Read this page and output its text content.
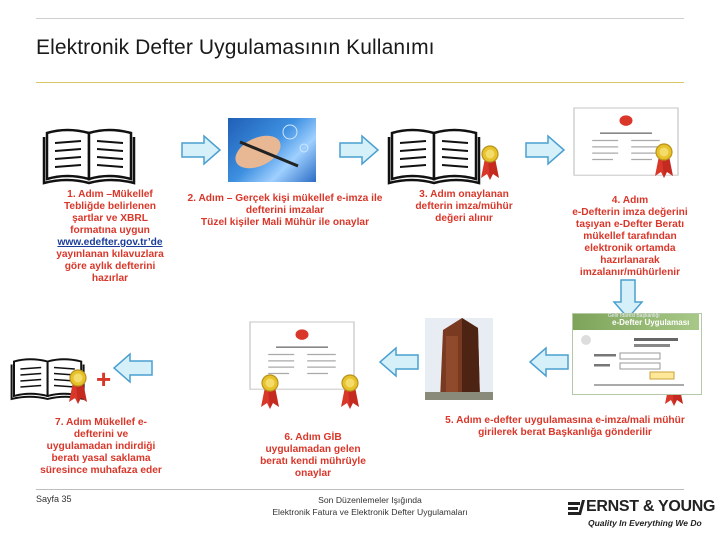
Elektronik Defter Uygulamasının Kullanımı
Gelir İdaresi Başkanlığı
e-Defter Uygulaması
+
1. Adım –Mükellef
Tebliğde belirlenen
şartlar ve XBRL
formatına uygun
www.edefter.gov.tr’de
yayınlanan kılavuzlara
göre aylık defterini
hazırlar
2. Adım – Gerçek kişi mükellef e-imza ile
defterini imzalar
Tüzel kişiler Mali Mühür ile onaylar
3. Adım onaylanan
defterin imza/mühür
değeri alınır
4. Adım
e-Defterin imza değerini
taşıyan e-Defter Beratı
mükellef tarafından
elektronik ortamda
hazırlanarak
imzalanır/mühürlenir
5. Adım e-defter uygulamasına e-imza/mali mühür
girilerek berat Başkanlığa gönderilir
6. Adım GİB
uygulamadan gelen
beratı kendi mührüyle
onaylar
7. Adım Mükellef e-
defterini ve
uygulamadan indirdiği
beratı yasal saklama
süresince muhafaza eder
Sayfa 35	Son Düzenlemeler Işığında
Elektronik Fatura ve Elektronik Defter Uygulamaları	ERNST & YOUNG
Quality In Everything We Do
